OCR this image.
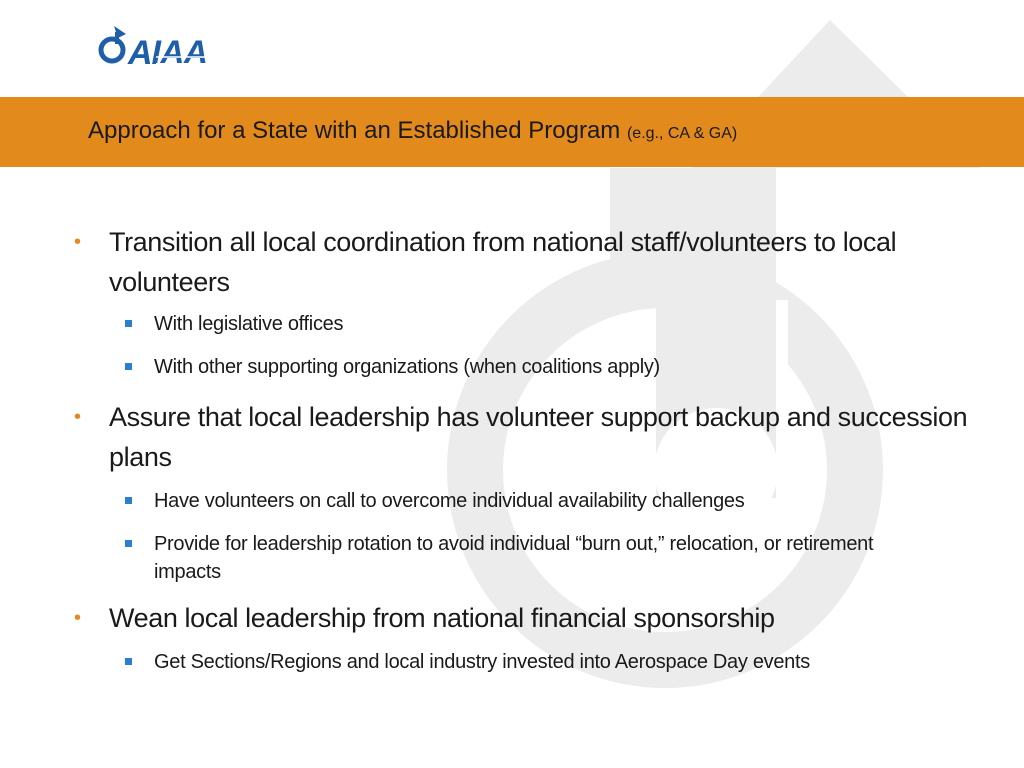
AIAA
Approach for a State with an Established Program (e.g., CA & GA)
• Transition all local coordination from national staff/volunteers to local volunteers
With legislative offices
With other supporting organizations (when coalitions apply)
• Assure that local leadership has volunteer support backup and succession plans
Have volunteers on call to overcome individual availability challenges
Provide for leadership rotation to avoid individual “burn out,” relocation, or retirement impacts
• Wean local leadership from national financial sponsorship
Get Sections/Regions and local industry invested into Aerospace Day events
